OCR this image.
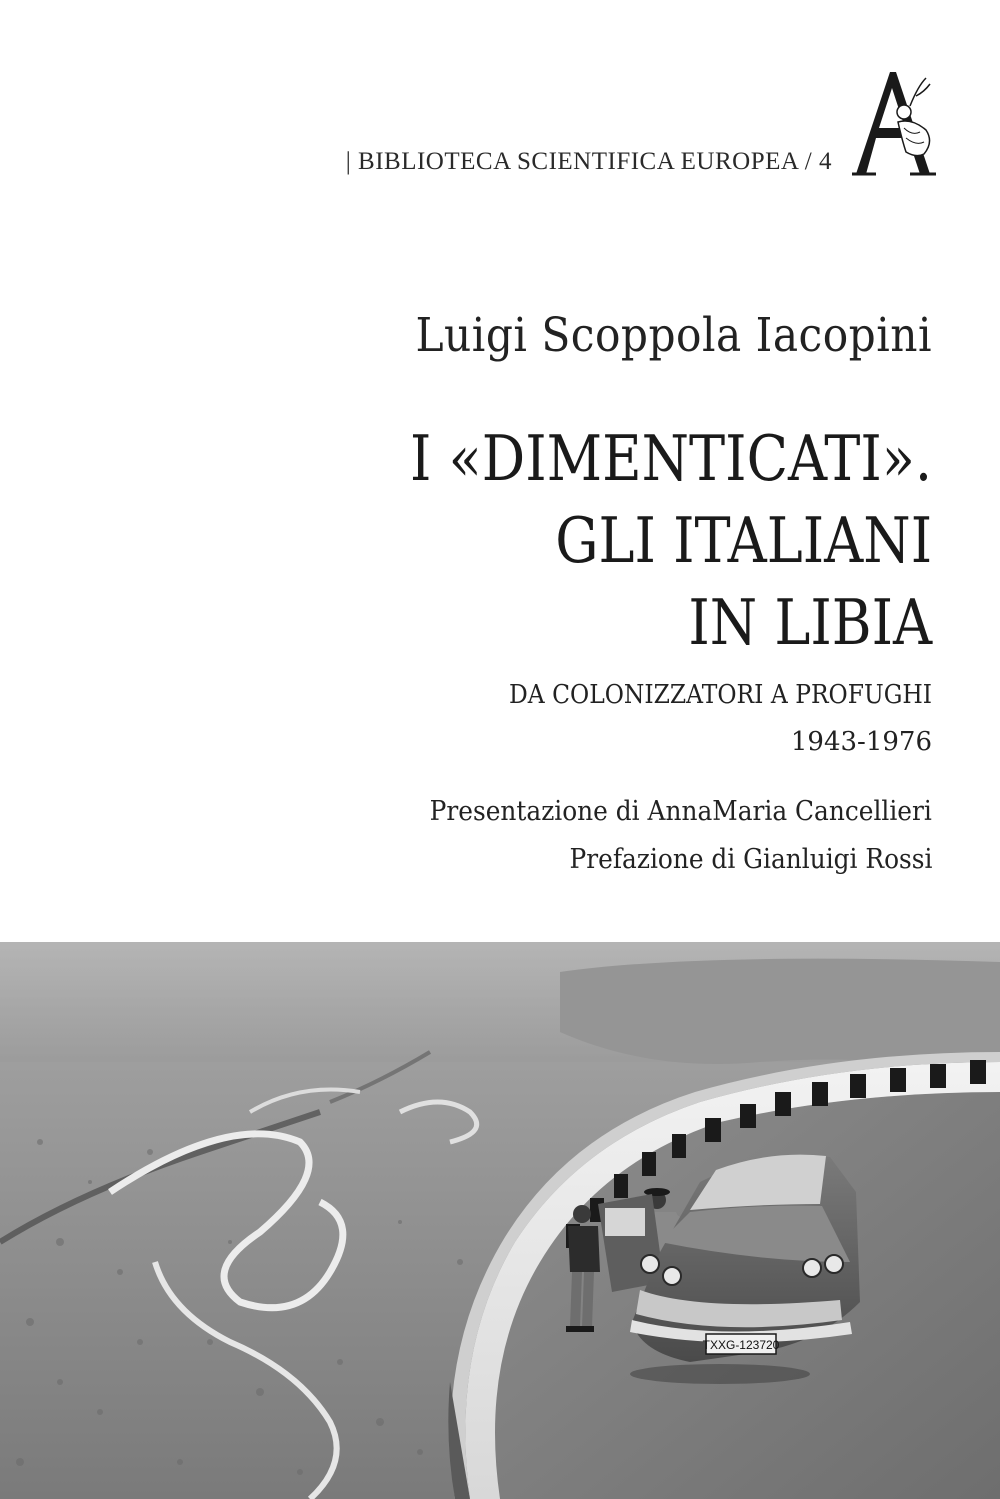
| BIBLIOTECA SCIENTIFICA EUROPEA / 4
Luigi Scoppola Iacopini
I «DIMENTICATI».
GLI ITALIANI
IN LIBIA
DA COLONIZZATORI A PROFUGHI
1943-1976
Presentazione di AnnaMaria Cancellieri
Prefazione di Gianluigi Rossi
TXXG-123720
